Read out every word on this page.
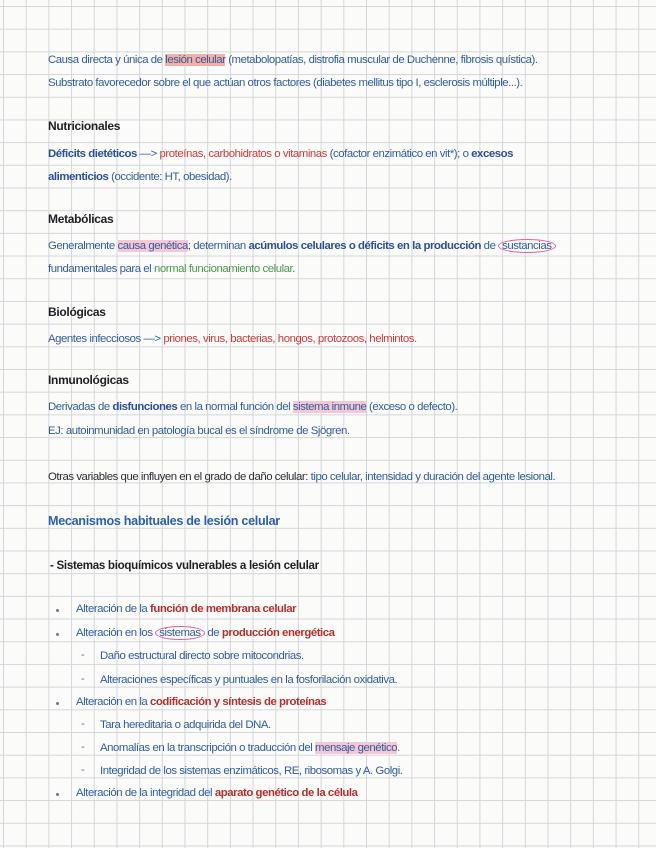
Causa directa y única de lesión celular (metabolopatías, distrofia muscular de Duchenne, fibrosis quística).
Substrato favorecedor sobre el que actúan otros factores (diabetes mellitus tipo I, esclerosis múltiple...).
Nutricionales
Déficits dietéticos —> proteínas, carbohidratos o vitaminas (cofactor enzimático en vit*); o excesos
alimenticios (occidente: HT, obesidad).
Metabólicas
Generalmente causa genética; determinan acúmulos celulares o déficits en la producción de sustancias
fundamentales para el normal funcionamiento celular.
Biológicas
Agentes infecciosos —> priones, virus, bacterias, hongos, protozoos, helmintos.
Inmunológicas
Derivadas de disfunciones en la normal función del sistema inmune (exceso o defecto).
EJ: autoinmunidad en patología bucal es el síndrome de Sjögren.
Otras variables que influyen en el grado de daño celular: tipo celular, intensidad y duración del agente lesional.
Mecanismos habituales de lesión celular
- Sistemas bioquímicos vulnerables a lesión celular
Alteración de la función de membrana celular
Alteración en los sistemas de producción energética
- Daño estructural directo sobre mitocondrias.
- Alteraciones específicas y puntuales en la fosforilación oxidativa.
Alteración en la codificación y síntesis de proteínas
- Tara hereditaria o adquirida del DNA.
- Anomalías en la transcripción o traducción del mensaje genético.
- Integridad de los sistemas enzimáticos, RE, ribosomas y A. Golgi.
Alteración de la integridad del aparato genético de la célula
